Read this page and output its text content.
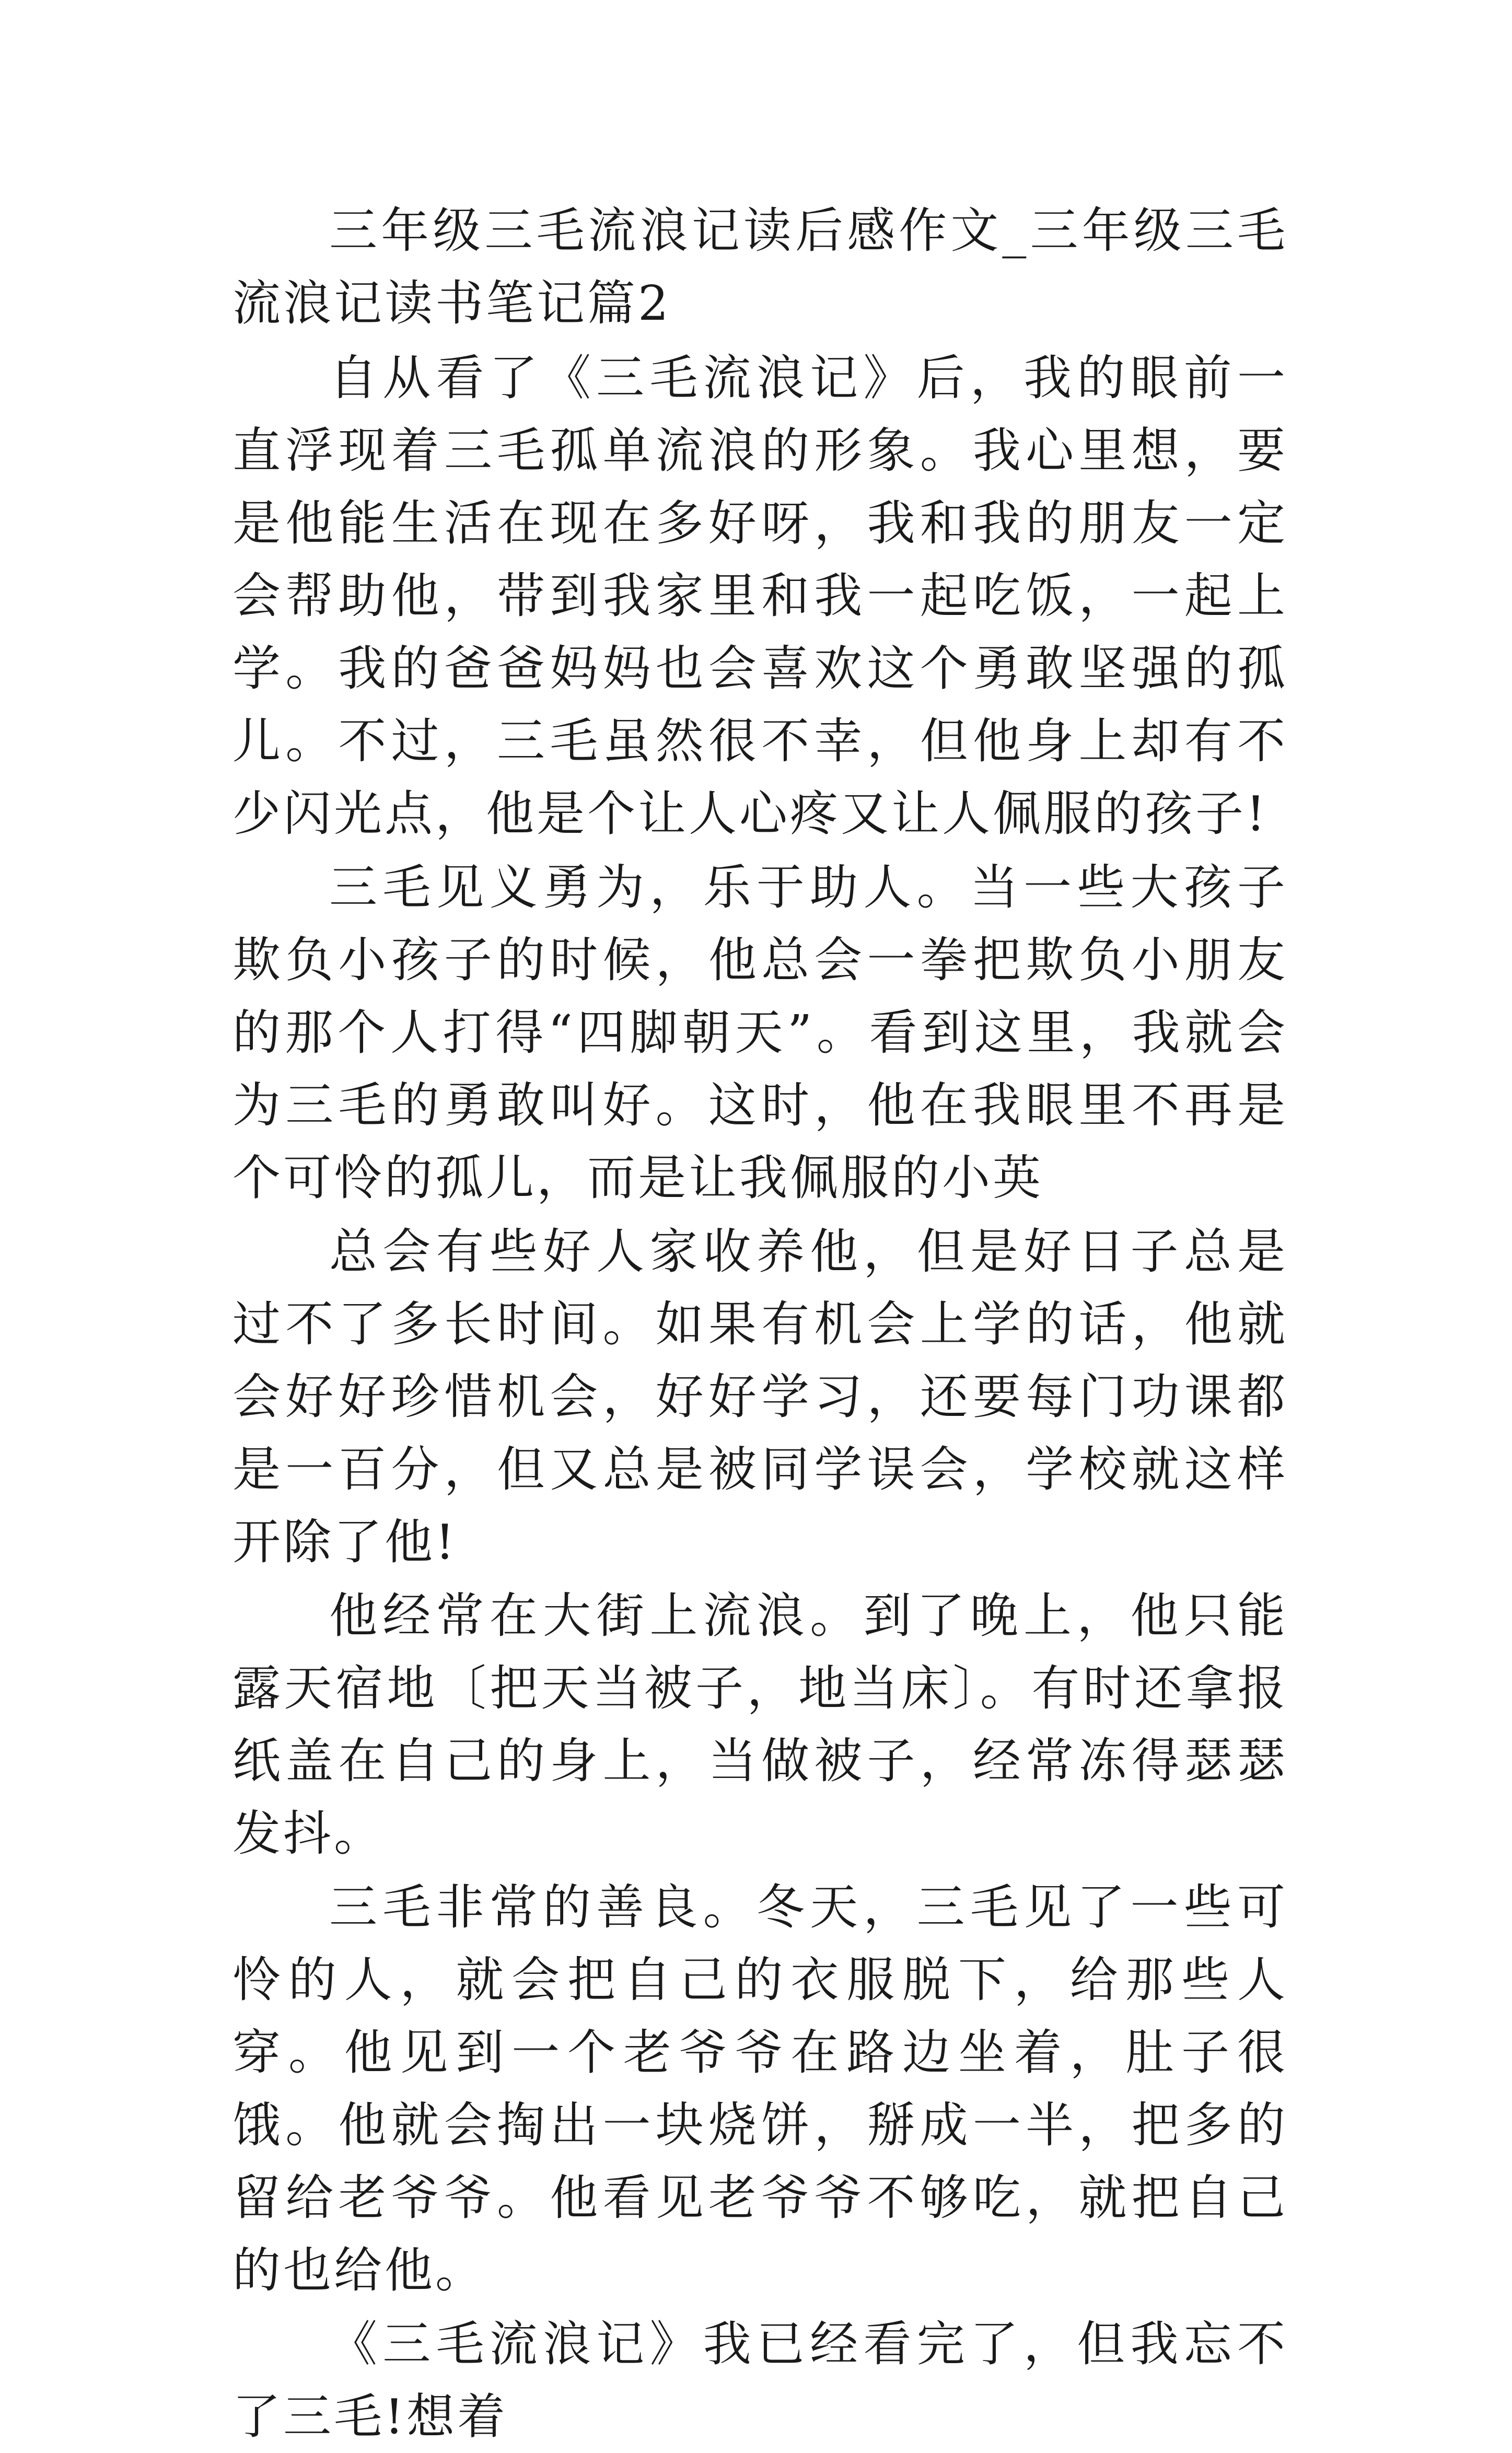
三年级三毛流浪记读后感作文_三年级三毛流浪记读书笔记篇2

自从看了《三毛流浪记》后，我的眼前一直浮现着三毛孤单流浪的形象。我心里想，要是他能生活在现在多好呀，我和我的朋友一定会帮助他，带到我家里和我一起吃饭，一起上学。我的爸爸妈妈也会喜欢这个勇敢坚强的孤儿。不过，三毛虽然很不幸，但他身上却有不少闪光点，他是个让人心疼又让人佩服的孩子!

三毛见义勇为，乐于助人。当一些大孩子欺负小孩子的时候，他总会一拳把欺负小朋友的那个人打得“四脚朝天”。看到这里，我就会为三毛的勇敢叫好。这时，他在我眼里不再是个可怜的孤儿，而是让我佩服的小英

总会有些好人家收养他，但是好日子总是过不了多长时间。如果有机会上学的话，他就会好好珍惜机会，好好学习，还要每门功课都是一百分，但又总是被同学误会，学校就这样开除了他!

他经常在大街上流浪。到了晚上，他只能露天宿地〔把天当被子，地当床〕。有时还拿报纸盖在自己的身上，当做被子，经常冻得瑟瑟发抖。

三毛非常的善良。冬天，三毛见了一些可怜的人，就会把自己的衣服脱下，给那些人穿。他见到一个老爷爷在路边坐着，肚子很饿。他就会掏出一块烧饼，掰成一半，把多的留给老爷爷。他看见老爷爷不够吃，就把自己的也给他。

《三毛流浪记》我已经看完了，但我忘不了三毛!想着
